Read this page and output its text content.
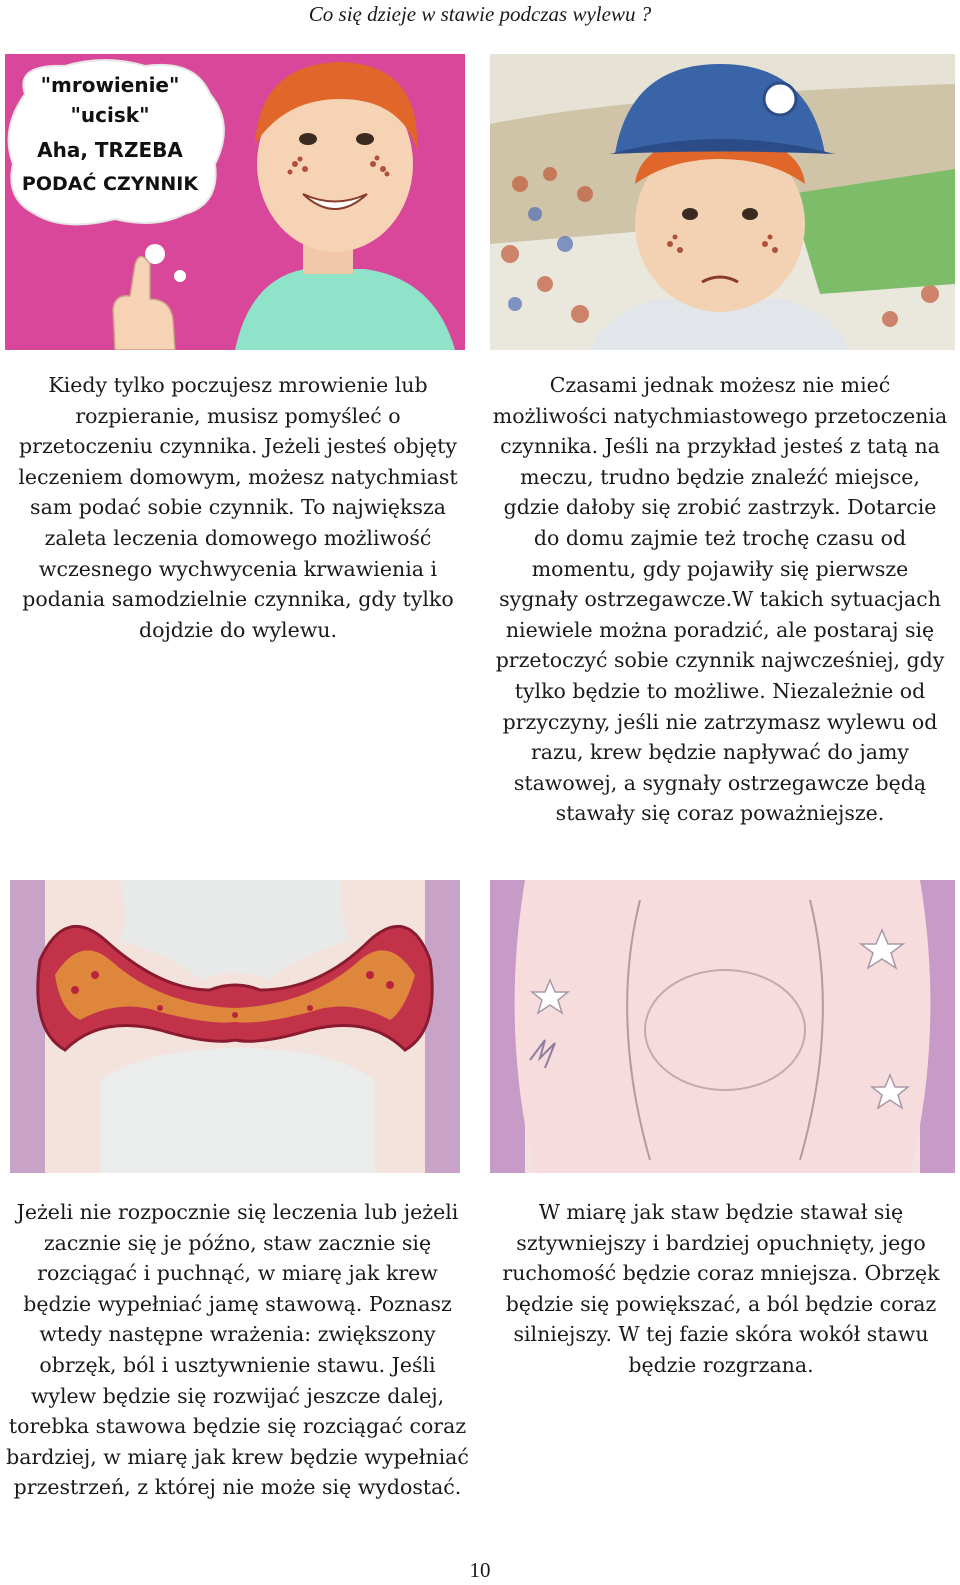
Co się dzieje w stawie podczas wylewu ?
"mrowienie"
"ucisk"
Aha, TRZEBA
PODAĆ CZYNNIK
Kiedy tylko poczujesz mrowienie lub rozpieranie, musisz pomyśleć o przetoczeniu czynnika. Jeżeli jesteś objęty leczeniem domowym, możesz natychmiast sam podać sobie czynnik. To największa zaleta leczenia domowego możliwość wczesnego wychwycenia krwawienia i podania samodzielnie czynnika, gdy tylko dojdzie do wylewu.
Czasami jednak możesz nie mieć możliwości natychmiastowego przetoczenia czynnika. Jeśli na przykład jesteś z tatą na meczu, trudno będzie znaleźć miejsce, gdzie dałoby się zrobić zastrzyk. Dotarcie do domu zajmie też trochę czasu od momentu, gdy pojawiły się pierwsze sygnały ostrzegawcze.W takich sytuacjach niewiele można poradzić, ale postaraj się przetoczyć sobie czynnik najwcześniej, gdy tylko będzie to możliwe. Niezależnie od przyczyny, jeśli nie zatrzymasz wylewu od razu, krew będzie napływać do jamy stawowej, a sygnały ostrzegawcze będą stawały się coraz poważniejsze.
Jeżeli nie rozpocznie się leczenia lub jeżeli zacznie się je późno, staw zacznie się rozciągać i puchnąć, w miarę jak krew będzie wypełniać jamę stawową. Poznasz wtedy następne wrażenia: zwiększony obrzęk, ból i usztywnienie stawu. Jeśli wylew będzie się rozwijać jeszcze dalej, torebka stawowa będzie się rozciągać coraz bardziej, w miarę jak krew będzie wypełniać przestrzeń, z której nie może się wydostać.
W miarę jak staw będzie stawał się sztywniejszy i bardziej opuchnięty, jego ruchomość będzie coraz mniejsza. Obrzęk będzie się powiększać, a ból będzie coraz silniejszy. W tej fazie skóra wokół stawu będzie rozgrzana.
10
